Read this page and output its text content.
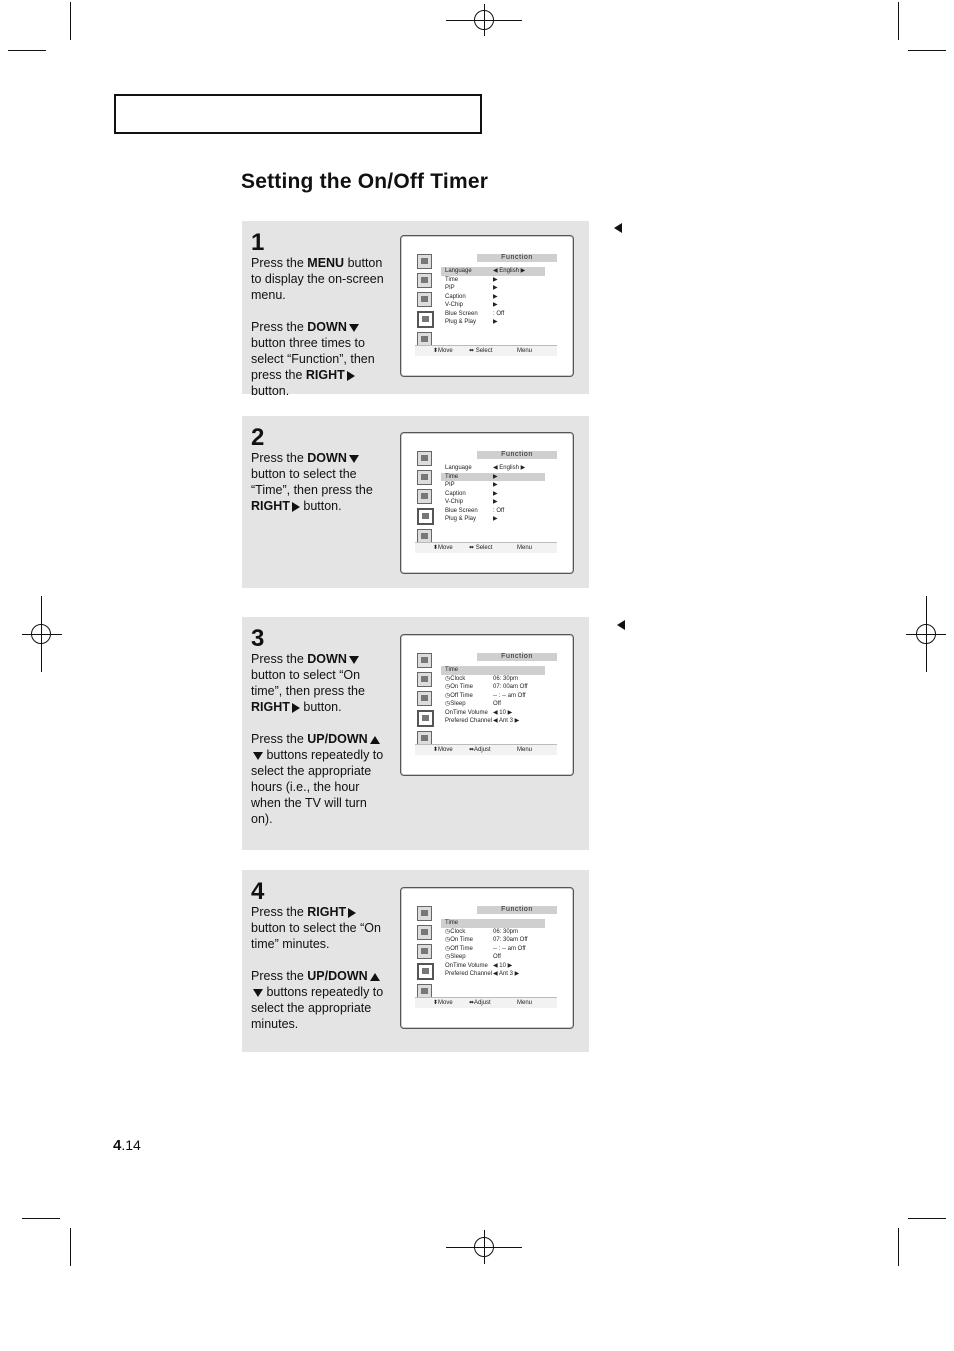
Setting the On/Off Timer
1

Press the MENU button to display the on-screen menu.

Press the DOWN button three times to select “Function”, then press the RIGHT button.

Function
Language	◀ English ▶
Time	▶
PIP	▶
Caption	▶
V-Chip	▶
Blue Screen	: Off
Plug & Play	▶
⬍Move	⬌ Select	Menu
2

Press the DOWN button to select the “Time”, then press the RIGHT button.

Function
Language	◀ English ▶
Time	▶
PIP	▶
Caption	▶
V-Chip	▶
Blue Screen	: Off
Plug & Play	▶
⬍Move	⬌ Select	Menu
3

Press the DOWN button to select “On time”, then press the RIGHT button.

Press the UP/DOWN buttons repeatedly to select the appropriate hours (i.e., the hour when the TV will turn on).

Function
Time
◷Clock	06: 30pm
◷On Time	07: 00am Off
◷Off Time	-- : -- am Off
◷Sleep	Off
OnTime Volume ◀ 10 ▶
Prefered Channel ◀ Ant 3 ▶
⬍Move	⬌Adjust	Menu
4

Press the RIGHT button to select the “On time” minutes.

Press the UP/DOWN buttons repeatedly to select the appropriate minutes.

Function
Time
◷Clock	06: 30pm
◷On Time	07: 30am Off
◷Off Time	-- : -- am Off
◷Sleep	Off
OnTime Volume ◀ 10 ▶
Prefered Channel ◀ Ant 3 ▶
⬍Move	⬌Adjust	Menu
4.14
